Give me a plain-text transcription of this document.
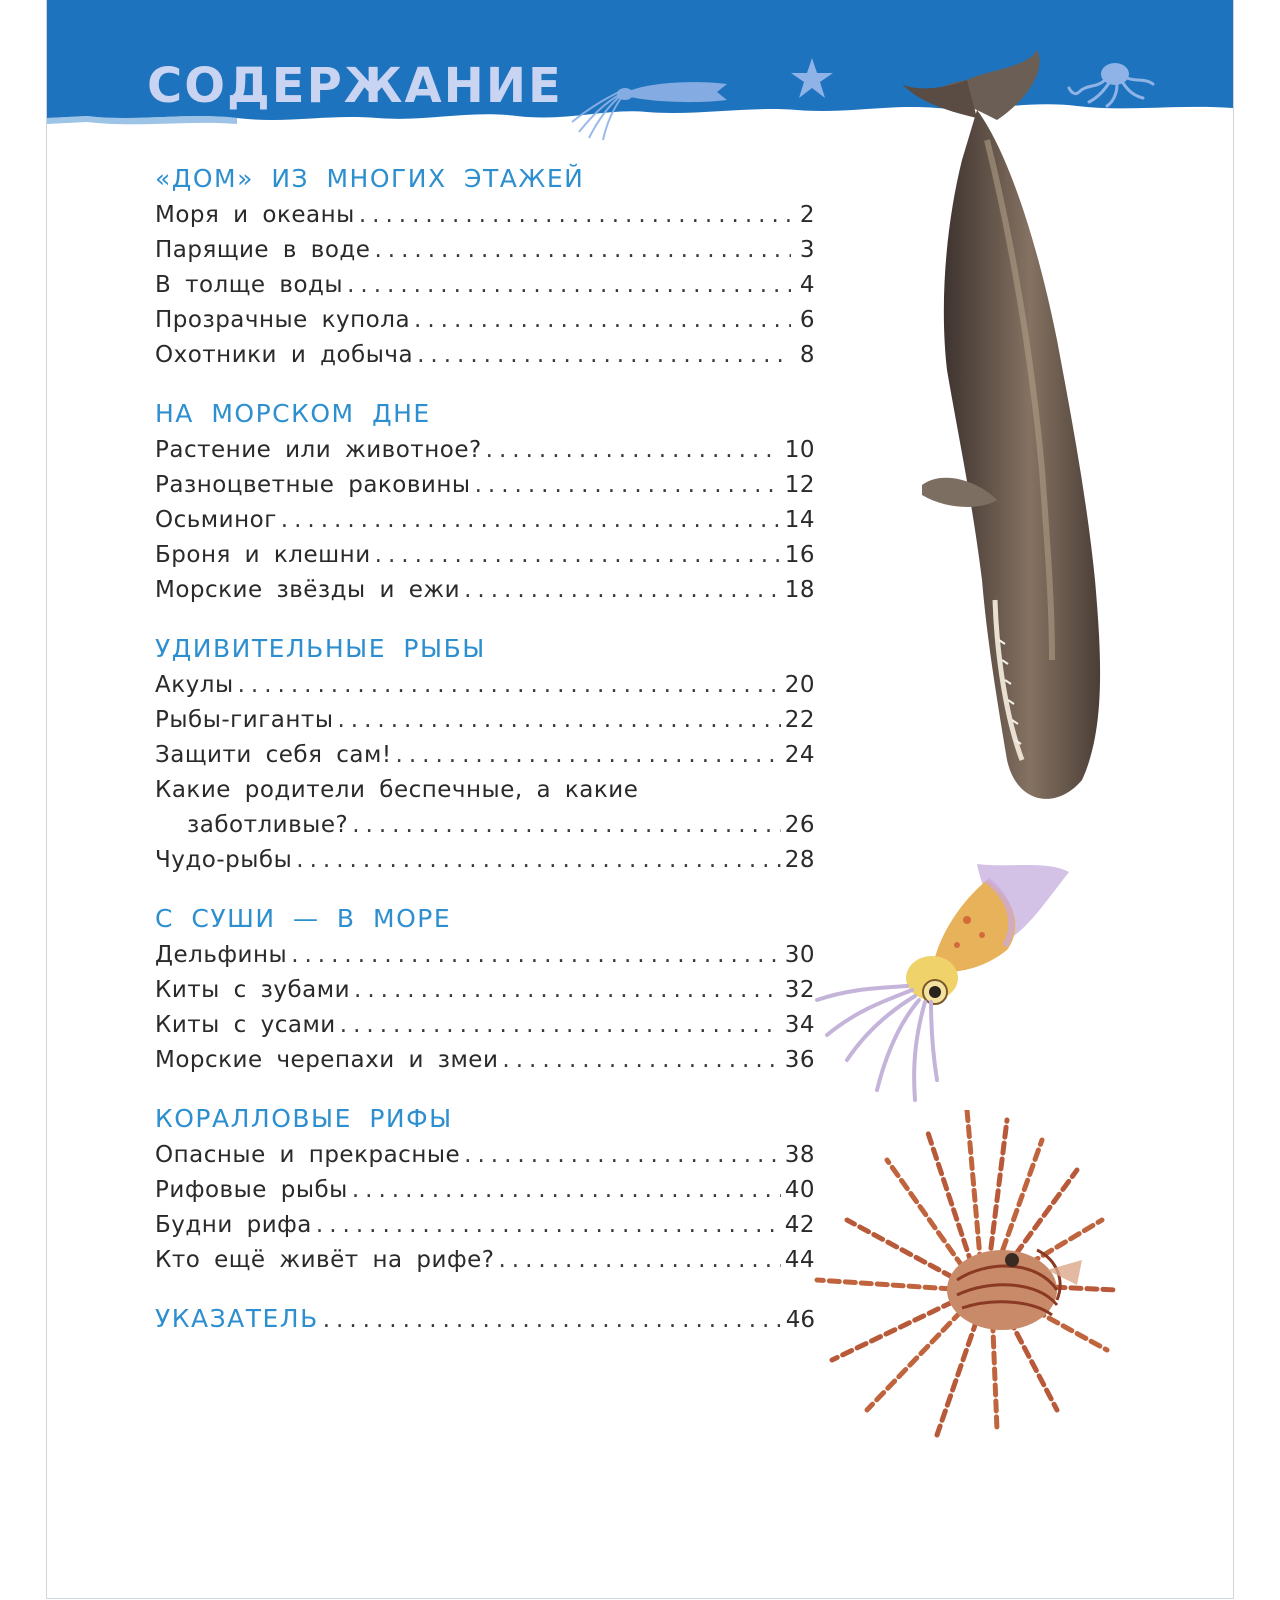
СОДЕРЖАНИЕ
«ДОМ» ИЗ МНОГИХ ЭТАЖЕЙ
Моря и океаны .....	2
Парящие в воде .....	3
В толще воды .....	4
Прозрачные купола .....	6
Охотники и добыча .....	8
НА МОРСКОМ ДНЕ
Растение или животное? .....	10
Разноцветные раковины .....	12
Осьминог .....	14
Броня и клешни .....	16
Морские звёзды и ежи .....	18
УДИВИТЕЛЬНЫЕ РЫБЫ
Акулы .....	20
Рыбы-гиганты .....	22
Защити себя сам! .....	24
Какие родители беспечные, а какие
заботливые? .....	26
Чудо-рыбы .....	28
С СУШИ — В МОРЕ
Дельфины .....	30
Киты с зубами .....	32
Киты с усами .....	34
Морские черепахи и змеи .....	36
КОРАЛЛОВЫЕ РИФЫ
Опасные и прекрасные .....	38
Рифовые рыбы .....	40
Будни рифа .....	42
Кто ещё живёт на рифе? .....	44
УКАЗАТЕЛЬ .....	46
